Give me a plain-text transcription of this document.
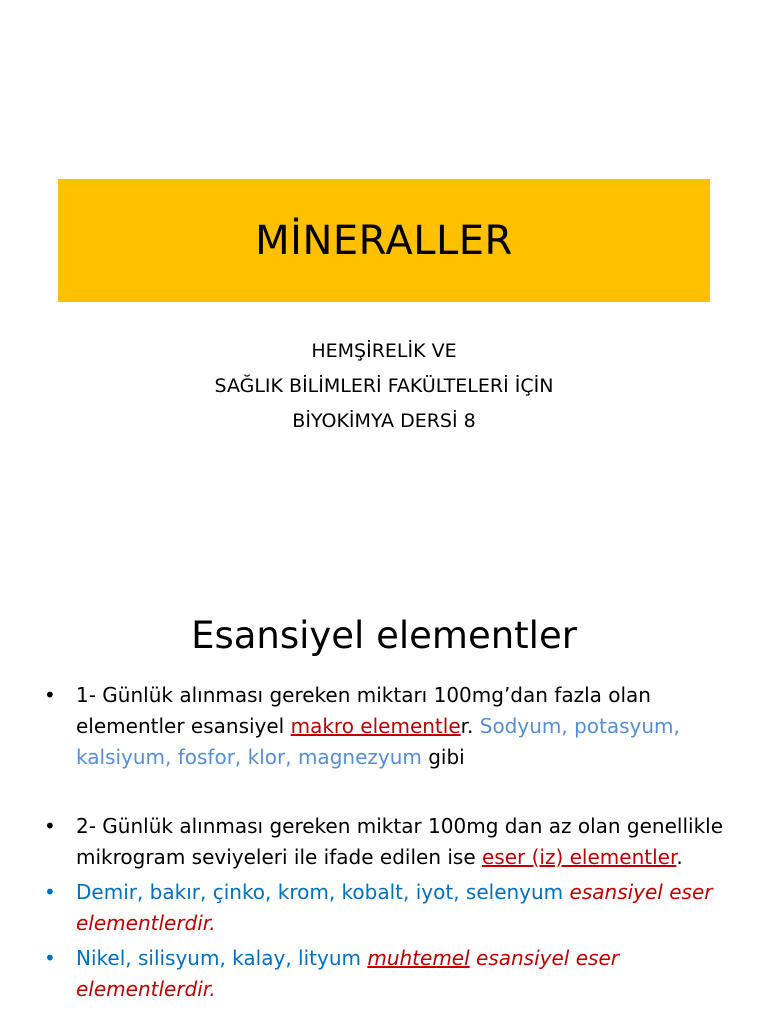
MİNERALLER
HEMŞİRELİK VE
SAĞLIK BİLİMLERİ FAKÜLTELERİ İÇİN
BİYOKİMYA DERSİ 8
Esansiyel elementler
•	1- Günlük alınması gereken miktarı 100mg’dan fazla olan elementler esansiyel makro elementler. Sodyum, potasyum, kalsiyum, fosfor, klor, magnezyum gibi
•	2- Günlük alınması gereken miktar 100mg dan az olan genellikle mikrogram seviyeleri ile ifade edilen ise eser (iz) elementler.
•	Demir, bakır, çinko, krom, kobalt, iyot, selenyum esansiyel eser elementlerdir.
•	Nikel, silisyum, kalay, lityum muhtemel esansiyel eser elementlerdir.
